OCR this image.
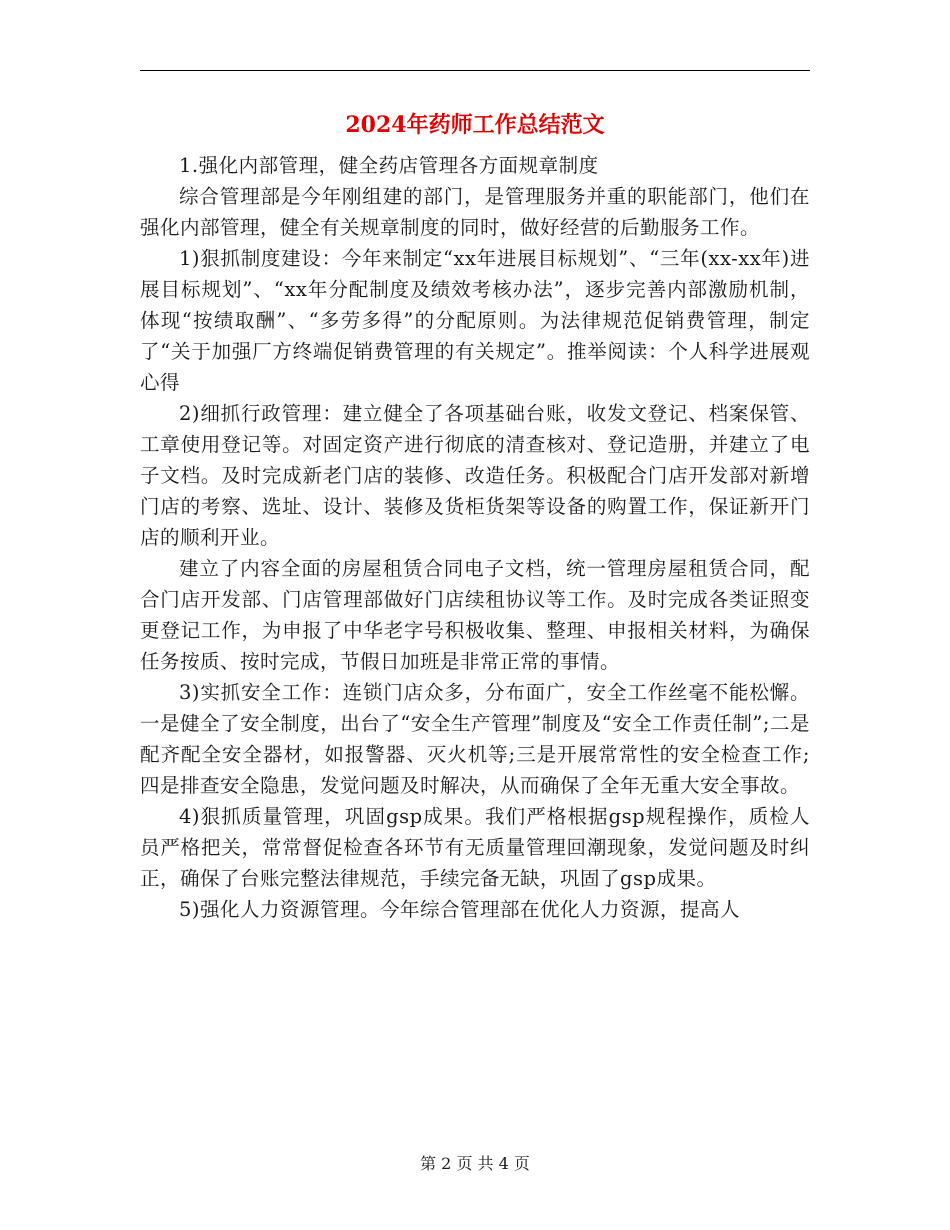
2024年药师工作总结范文

1.强化内部管理，健全药店管理各方面规章制度

综合管理部是今年刚组建的部门，是管理服务并重的职能部门，他们在强化内部管理，健全有关规章制度的同时，做好经营的后勤服务工作。

1)狠抓制度建设：今年来制定“xx年进展目标规划”、“三年(xx-xx年)进展目标规划”、“xx年分配制度及绩效考核办法”，逐步完善内部激励机制，体现“按绩取酬”、“多劳多得”的分配原则。为法律规范促销费管理，制定了“关于加强厂方终端促销费管理的有关规定”。推举阅读：个人科学进展观心得

2)细抓行政管理：建立健全了各项基础台账，收发文登记、档案保管、工章使用登记等。对固定资产进行彻底的清查核对、登记造册，并建立了电子文档。及时完成新老门店的装修、改造任务。积极配合门店开发部对新增门店的考察、选址、设计、装修及货柜货架等设备的购置工作，保证新开门店的顺利开业。

建立了内容全面的房屋租赁合同电子文档，统一管理房屋租赁合同，配合门店开发部、门店管理部做好门店续租协议等工作。及时完成各类证照变更登记工作，为申报了中华老字号积极收集、整理、申报相关材料，为确保任务按质、按时完成，节假日加班是非常正常的事情。

3)实抓安全工作：连锁门店众多，分布面广，安全工作丝毫不能松懈。一是健全了安全制度，出台了“安全生产管理”制度及“安全工作责任制”;二是配齐配全安全器材，如报警器、灭火机等;三是开展常常性的安全检查工作;四是排查安全隐患，发觉问题及时解决，从而确保了全年无重大安全事故。

4)狠抓质量管理，巩固gsp成果。我们严格根据gsp规程操作，质检人员严格把关，常常督促检查各环节有无质量管理回潮现象，发觉问题及时纠正，确保了台账完整法律规范，手续完备无缺，巩固了gsp成果。

5)强化人力资源管理。今年综合管理部在优化人力资源，提高人

第 2 页 共 4 页
